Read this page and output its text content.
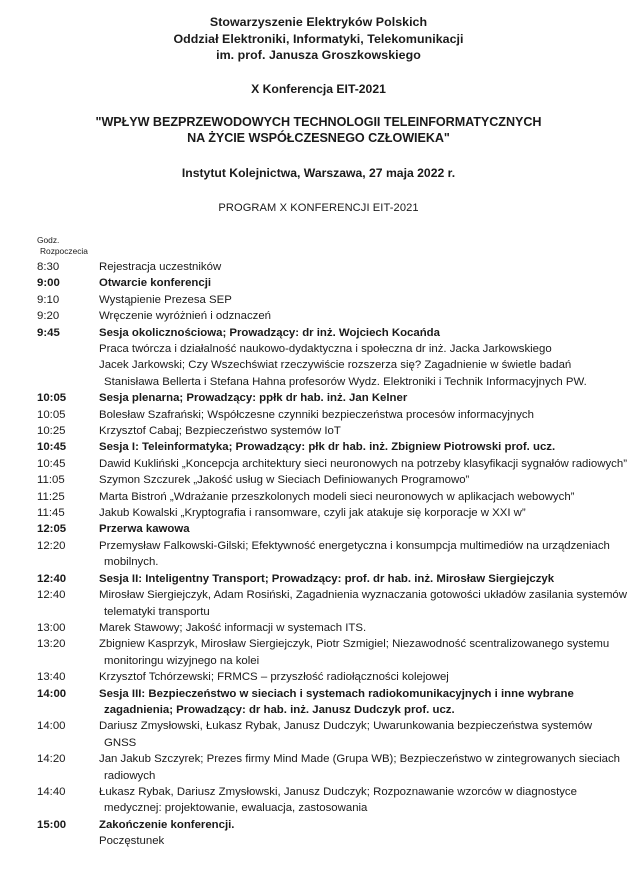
Stowarzyszenie Elektryków Polskich
Oddział Elektroniki, Informatyki, Telekomunikacji
im. prof. Janusza Groszkowskiego
X Konferencja EIT-2021
"WPŁYW BEZPRZEWODOWYCH TECHNOLOGII TELEINFORMATYCZNYCH
NA ŻYCIE WSPÓŁCZESNEGO CZŁOWIEKA"
Instytut Kolejnictwa, Warszawa, 27 maja 2022 r.
PROGRAM X KONFERENCJI EIT-2021
Godz.
Rozpoczecia
8:30	Rejestracja uczestników
9:00	Otwarcie konferencji
9:10	Wystąpienie Prezesa SEP
9:20	Wręczenie wyróżnień i odznaczeń
9:45	Sesja okolicznościowa; Prowadzący: dr inż. Wojciech Kocańda
Praca twórcza i działalność naukowo-dydaktyczna i społeczna dr inż. Jacka Jarkowskiego
Jacek Jarkowski; Czy Wszechświat rzeczywiście rozszerza się? Zagadnienie w świetle badań Stanisława Bellerta i Stefana Hahna profesorów Wydz. Elektroniki i Technik Informacyjnych PW.
10:05	Sesja plenarna; Prowadzący: ppłk dr hab. inż. Jan Kelner
10:05	Bolesław Szafrański; Współczesne czynniki bezpieczeństwa procesów informacyjnych
10:25	Krzysztof Cabaj; Bezpieczeństwo systemów IoT
10:45	Sesja I: Teleinformatyka; Prowadzący: płk dr hab. inż. Zbigniew Piotrowski prof. ucz.
10:45	Dawid Kukliński „Koncepcja architektury sieci neuronowych na potrzeby klasyfikacji sygnałów radiowych”
11:05	Szymon Szczurek „Jakość usług w Sieciach Definiowanych Programowo”
11:25	Marta Bistroń „Wdrażanie przeszkolonych modeli sieci neuronowych w aplikacjach webowych”
11:45	Jakub Kowalski „Kryptografia i ransomware, czyli jak atakuje się korporacje w XXI w”
12:05	Przerwa kawowa
12:20	Przemysław Falkowski-Gilski; Efektywność energetyczna i konsumpcja multimediów na urządzeniach mobilnych.
12:40	Sesja II: Inteligentny Transport; Prowadzący: prof. dr hab. inż. Mirosław Siergiejczyk
12:40	Mirosław Siergiejczyk, Adam Rosiński, Zagadnienia wyznaczania gotowości układów zasilania systemów telematyki transportu
13:00	Marek Stawowy; Jakość informacji w systemach ITS.
13:20	Zbigniew Kasprzyk, Mirosław Siergiejczyk, Piotr Szmigiel; Niezawodność scentralizowanego systemu monitoringu wizyjnego na kolei
13:40	Krzysztof Tchórzewski; FRMCS – przyszłość radiołączności kolejowej
14:00	Sesja III: Bezpieczeństwo w sieciach i systemach radiokomunikacyjnych i inne wybrane zagadnienia; Prowadzący: dr hab. inż. Janusz Dudczyk prof. ucz.
14:00	Dariusz Zmysłowski, Łukasz Rybak, Janusz Dudczyk; Uwarunkowania bezpieczeństwa systemów GNSS
14:20	Jan Jakub Szczyrek; Prezes firmy Mind Made (Grupa WB); Bezpieczeństwo w zintegrowanych sieciach radiowych
14:40	Łukasz Rybak, Dariusz Zmysłowski, Janusz Dudczyk; Rozpoznawanie wzorców w diagnostyce medycznej: projektowanie, ewaluacja, zastosowania
15:00	Zakończenie konferencji.
Poczęstunek
